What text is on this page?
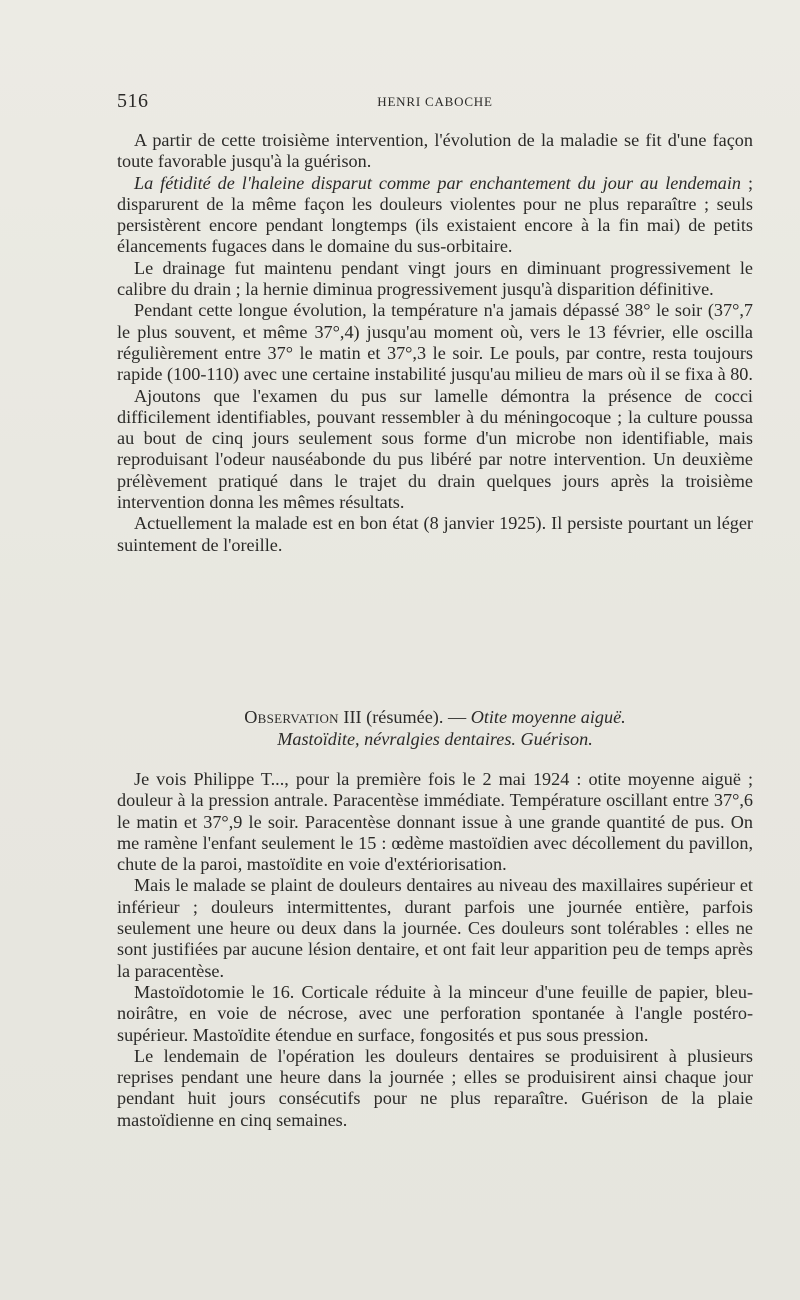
516	HENRI CABOCHE

A partir de cette troisième intervention, l'évolution de la maladie se fit d'une façon toute favorable jusqu'à la guérison.

La fétidité de l'haleine disparut comme par enchantement du jour au lendemain ; disparurent de la même façon les douleurs violentes pour ne plus reparaître ; seuls persistèrent encore pendant longtemps (ils existaient encore à la fin mai) de petits élancements fugaces dans le domaine du sus-orbitaire.

Le drainage fut maintenu pendant vingt jours en diminuant progressivement le calibre du drain ; la hernie diminua progressivement jusqu'à disparition définitive.

Pendant cette longue évolution, la température n'a jamais dépassé 38° le soir (37°,7 le plus souvent, et même 37°,4) jusqu'au moment où, vers le 13 février, elle oscilla régulièrement entre 37° le matin et 37°,3 le soir. Le pouls, par contre, resta toujours rapide (100-110) avec une certaine instabilité jusqu'au milieu de mars où il se fixa à 80.

Ajoutons que l'examen du pus sur lamelle démontra la présence de cocci difficilement identifiables, pouvant ressembler à du méningocoque ; la culture poussa au bout de cinq jours seulement sous forme d'un microbe non identifiable, mais reproduisant l'odeur nauséabonde du pus libéré par notre intervention. Un deuxième prélèvement pratiqué dans le trajet du drain quelques jours après la troisième intervention donna les mêmes résultats.

Actuellement la malade est en bon état (8 janvier 1925). Il persiste pourtant un léger suintement de l'oreille.

Observation III (résumée). — Otite moyenne aiguë.
Mastoïdite, névralgies dentaires. Guérison.

Je vois Philippe T..., pour la première fois le 2 mai 1924 : otite moyenne aiguë ; douleur à la pression antrale. Paracentèse immédiate. Température oscillant entre 37°,6 le matin et 37°,9 le soir. Paracentèse donnant issue à une grande quantité de pus. On me ramène l'enfant seulement le 15 : œdème mastoïdien avec décollement du pavillon, chute de la paroi, mastoïdite en voie d'extériorisation.

Mais le malade se plaint de douleurs dentaires au niveau des maxillaires supérieur et inférieur ; douleurs intermittentes, durant parfois une journée entière, parfois seulement une heure ou deux dans la journée. Ces douleurs sont tolérables : elles ne sont justifiées par aucune lésion dentaire, et ont fait leur apparition peu de temps après la paracentèse.

Mastoïdotomie le 16. Corticale réduite à la minceur d'une feuille de papier, bleu-noirâtre, en voie de nécrose, avec une perforation spontanée à l'angle postéro-supérieur. Mastoïdite étendue en surface, fongosités et pus sous pression.

Le lendemain de l'opération les douleurs dentaires se produisirent à plusieurs reprises pendant une heure dans la journée ; elles se produisirent ainsi chaque jour pendant huit jours consécutifs pour ne plus reparaître. Guérison de la plaie mastoïdienne en cinq semaines.
